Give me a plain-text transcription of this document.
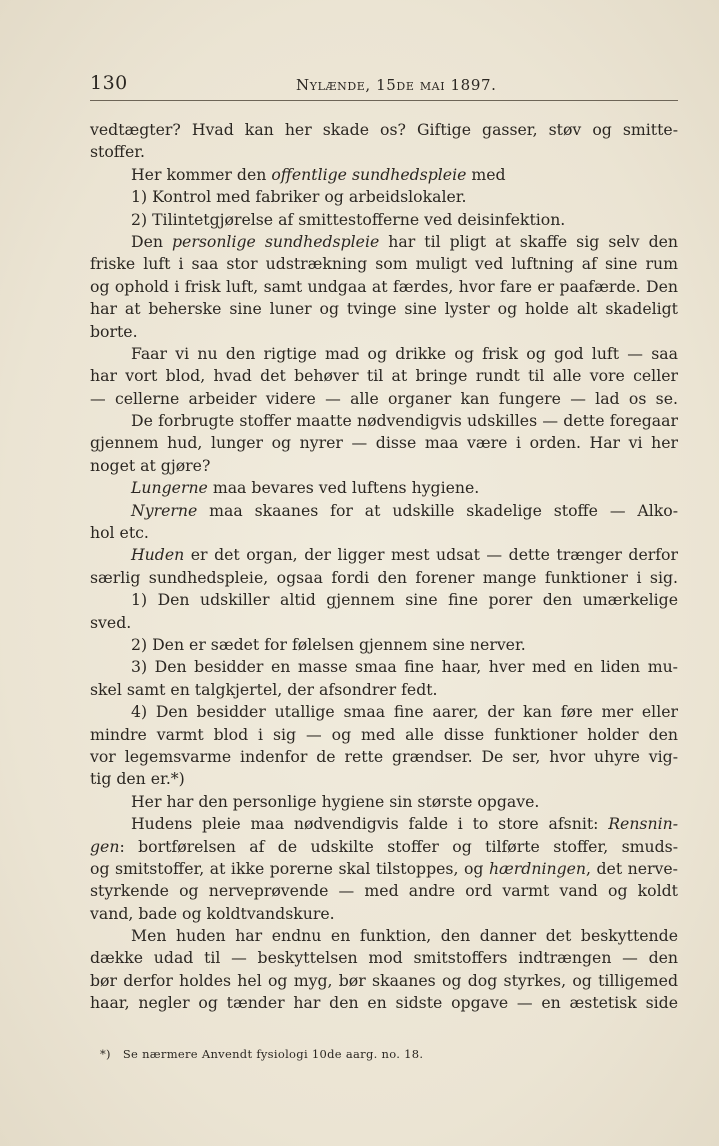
130	Nylænde, 15de mai 1897.
vedtægter? Hvad kan her skade os? Giftige gasser, støv og smitte-
stoffer.
Her kommer den offentlige sundhedspleie med
1) Kontrol med fabriker og arbeidslokaler.
2) Tilintetgjørelse af smittestofferne ved deisinfektion.
Den personlige sundhedspleie har til pligt at skaffe sig selv den
friske luft i saa stor udstrækning som muligt ved luftning af sine rum
og ophold i frisk luft, samt undgaa at færdes, hvor fare er paafærde. Den
har at beherske sine luner og tvinge sine lyster og holde alt skadeligt
borte.
Faar vi nu den rigtige mad og drikke og frisk og god luft — saa
har vort blod, hvad det behøver til at bringe rundt til alle vore celler
— cellerne arbeider videre — alle organer kan fungere — lad os se.
De forbrugte stoffer maatte nødvendigvis udskilles — dette foregaar
gjennem hud, lunger og nyrer — disse maa være i orden. Har vi her
noget at gjøre?
Lungerne maa bevares ved luftens hygiene.
Nyrerne maa skaanes for at udskille skadelige stoffe — Alko-
hol etc.
Huden er det organ, der ligger mest udsat — dette trænger derfor
særlig sundhedspleie, ogsaa fordi den forener mange funktioner i sig.
1) Den udskiller altid gjennem sine fine porer den umærkelige
sved.
2) Den er sædet for følelsen gjennem sine nerver.
3) Den besidder en masse smaa fine haar, hver med en liden mu-
skel samt en talgkjertel, der afsondrer fedt.
4) Den besidder utallige smaa fine aarer, der kan føre mer eller
mindre varmt blod i sig — og med alle disse funktioner holder den
vor legemsvarme indenfor de rette grændser. De ser, hvor uhyre vig-
tig den er.*)
Her har den personlige hygiene sin største opgave.
Hudens pleie maa nødvendigvis falde i to store afsnit: Rensnin-
gen: bortførelsen af de udskilte stoffer og tilførte stoffer, smuds-
og smitstoffer, at ikke porerne skal tilstoppes, og hærdningen, det nerve-
styrkende og nerveprøvende — med andre ord varmt vand og koldt
vand, bade og koldtvandskure.
Men huden har endnu en funktion, den danner det beskyttende
dække udad til — beskyttelsen mod smitstoffers indtrængen — den
bør derfor holdes hel og myg, bør skaanes og dog styrkes, og tilligemed
haar, negler og tænder har den en sidste opgave — en æstetisk side
*) Se nærmere Anvendt fysiologi 10de aarg. no. 18.
